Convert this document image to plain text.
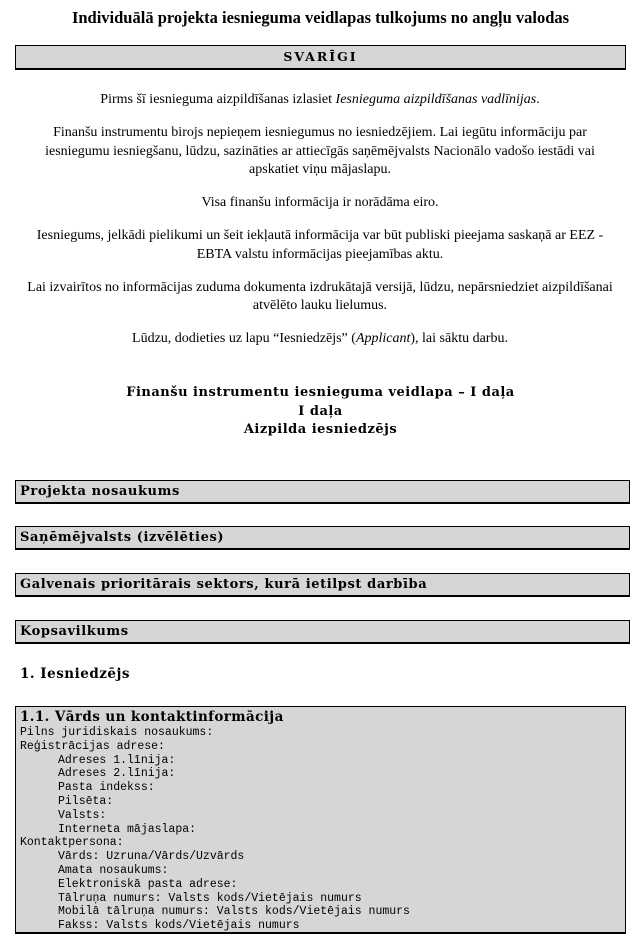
Individuālā projekta iesnieguma veidlapas tulkojums no angļu valodas
SVARĪGI

Pirms šī iesnieguma aizpildīšanas izlasiet Iesnieguma aizpildīšanas vadlīnijas.

Finanšu instrumentu birojs nepieņem iesniegumus no iesniedzējiem. Lai iegūtu informāciju par iesniegumu iesniegšanu, lūdzu, sazināties ar attiecīgās saņēmējvalsts Nacionālo vadošo iestādi vai apskatiet viņu mājaslapu.

Visa finanšu informācija ir norādāma eiro.

Iesniegums, jelkādi pielikumi un šeit iekļautā informācija var būt publiski pieejama saskaņā ar EEZ - EBTA valstu informācijas pieejamības aktu.

Lai izvairītos no informācijas zuduma dokumenta izdrukātajā versijā, lūdzu, nepārsniedziet aizpildīšanai atvēlēto lauku lielumus.

Lūdzu, dodieties uz lapu “Iesniedzējs” (Applicant), lai sāktu darbu.

Finanšu instrumentu iesnieguma veidlapa – I daļa
I daļa
Aizpilda iesniedzējs
Projekta nosaukums
Saņēmējvalsts (izvēlēties)
Galvenais prioritārais sektors, kurā ietilpst darbība
Kopsavilkums
1. Iesniedzējs
1.1. Vārds un kontaktinformācija
Pilns juridiskais nosaukums:
Reģistrācijas adrese:
Adreses 1.līnija:
Adreses 2.līnija:
Pasta indekss:
Pilsēta:
Valsts:
Interneta mājaslapa:
Kontaktpersona:
Vārds: Uzruna/Vārds/Uzvārds
Amata nosaukums:
Elektroniskā pasta adrese:
Tālruņa numurs: Valsts kods/Vietējais numurs
Mobilā tālruņa numurs: Valsts kods/Vietējais numurs
Fakss: Valsts kods/Vietējais numurs
